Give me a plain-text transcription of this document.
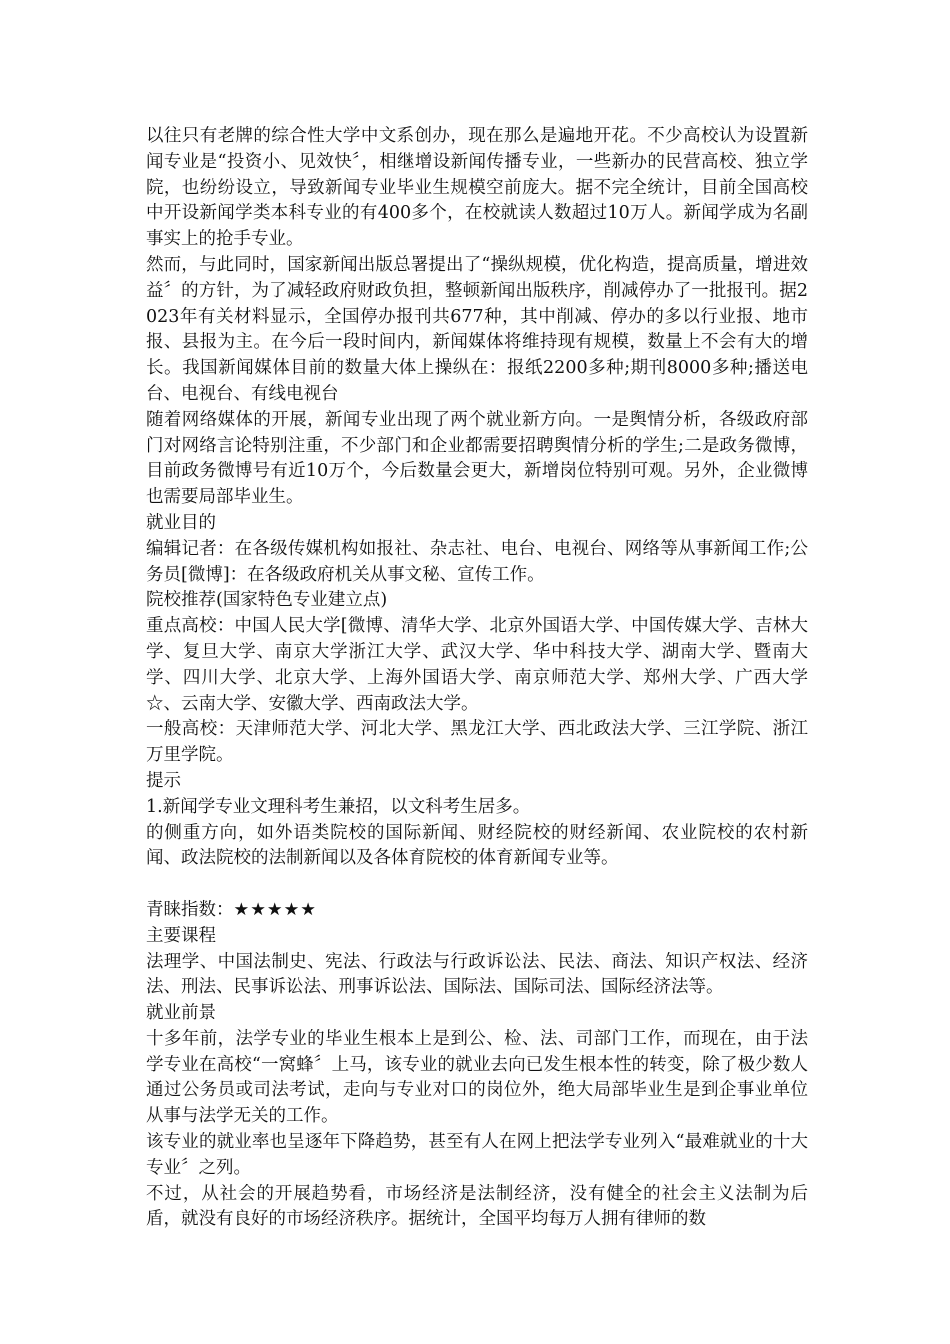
以往只有老牌的综合性大学中文系创办，现在那么是遍地开花。不少高校认为设置新闻专业是“投资小、见效快〞，相继增设新闻传播专业，一些新办的民营高校、独立学院，也纷纷设立，导致新闻专业毕业生规模空前庞大。据不完全统计，目前全国高校中开设新闻学类本科专业的有400多个，在校就读人数超过10万人。新闻学成为名副事实上的抢手专业。

然而，与此同时，国家新闻出版总署提出了“操纵规模，优化构造，提高质量，增进效益〞的方针，为了减轻政府财政负担，整顿新闻出版秩序，削减停办了一批报刊。据2023年有关材料显示，全国停办报刊共677种，其中削减、停办的多以行业报、地市报、县报为主。在今后一段时间内，新闻媒体将维持现有规模，数量上不会有大的增长。我国新闻媒体目前的数量大体上操纵在：报纸2200多种;期刊8000多种;播送电台、电视台、有线电视台

随着网络媒体的开展，新闻专业出现了两个就业新方向。一是舆情分析，各级政府部门对网络言论特别注重，不少部门和企业都需要招聘舆情分析的学生;二是政务微博，目前政务微博号有近10万个，今后数量会更大，新增岗位特别可观。另外，企业微博也需要局部毕业生。

就业目的

编辑记者：在各级传媒机构如报社、杂志社、电台、电视台、网络等从事新闻工作;公务员[微博]：在各级政府机关从事文秘、宣传工作。

院校推荐(国家特色专业建立点)

重点高校：中国人民大学[微博、清华大学、北京外国语大学、中国传媒大学、吉林大学、复旦大学、南京大学浙江大学、武汉大学、华中科技大学、湖南大学、暨南大学、四川大学、北京大学、上海外国语大学、南京师范大学、郑州大学、广西大学☆、云南大学、安徽大学、西南政法大学。

一般高校：天津师范大学、河北大学、黑龙江大学、西北政法大学、三江学院、浙江万里学院。

提示

1.新闻学专业文理科考生兼招，以文科考生居多。

的侧重方向，如外语类院校的国际新闻、财经院校的财经新闻、农业院校的农村新闻、政法院校的法制新闻以及各体育院校的体育新闻专业等。

青睐指数：★★★★★

主要课程

法理学、中国法制史、宪法、行政法与行政诉讼法、民法、商法、知识产权法、经济法、刑法、民事诉讼法、刑事诉讼法、国际法、国际司法、国际经济法等。

就业前景

十多年前，法学专业的毕业生根本上是到公、检、法、司部门工作，而现在，由于法学专业在高校“一窝蜂〞上马，该专业的就业去向已发生根本性的转变，除了极少数人通过公务员或司法考试，走向与专业对口的岗位外，绝大局部毕业生是到企事业单位从事与法学无关的工作。

该专业的就业率也呈逐年下降趋势，甚至有人在网上把法学专业列入“最难就业的十大专业〞之列。

不过，从社会的开展趋势看，市场经济是法制经济，没有健全的社会主义法制为后盾，就没有良好的市场经济秩序。据统计，全国平均每万人拥有律师的数
